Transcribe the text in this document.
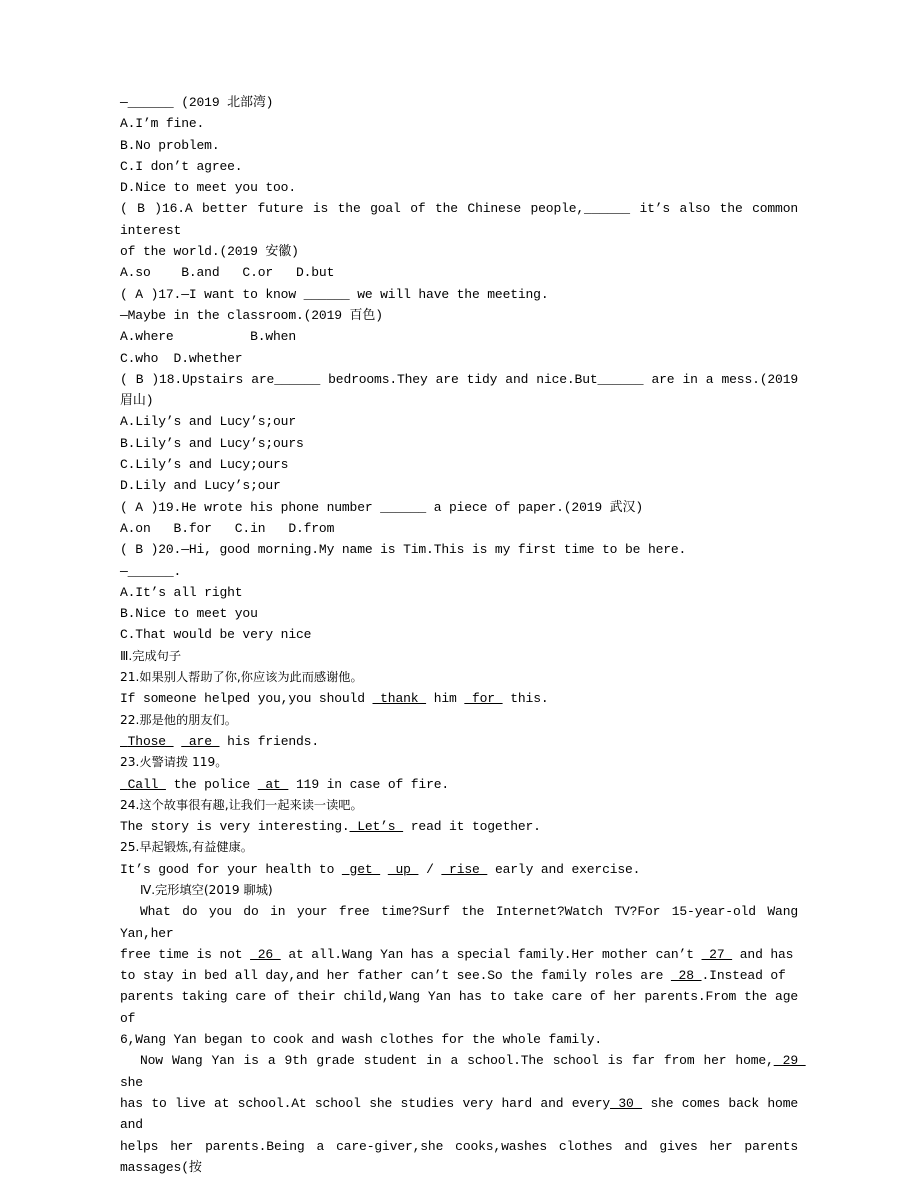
—______ (2019 北部湾)
A.I’m fine.
B.No problem.
C.I don’t agree.
D.Nice to meet you too.
( B )16.A better future is the goal of the Chinese people,______ it’s also the common interest
of the world.(2019 安徽)
A.so    B.and   C.or   D.but
( A )17.—I want to know ______ we will have the meeting.
—Maybe in the classroom.(2019 百色)
A.where          B.when
C.who  D.whether
( B )18.Upstairs are______ bedrooms.They are tidy and nice.But______ are in a mess.(2019 眉山)
A.Lily’s and Lucy’s;our
B.Lily’s and Lucy’s;ours
C.Lily’s and Lucy;ours
D.Lily and Lucy’s;our
( A )19.He wrote his phone number ______ a piece of paper.(2019 武汉)
A.on   B.for   C.in   D.from
( B )20.—Hi, good morning.My name is Tim.This is my first time to be here.
—______.
A.It’s all right
B.Nice to meet you
C.That would be very nice
Ⅲ.完成句子
21.如果别人帮助了你,你应该为此而感谢他。
If someone helped you,you should  thank  him  for  this.
22.那是他的朋友们。
Those   are  his friends.
23.火警请拨 119。
Call  the police  at  119 in case of fire.
24.这个故事很有趣,让我们一起来读一读吧。
The story is very interesting. Let’s  read it together.
25.早起锻炼,有益健康。
It’s good for your health to  get   up  /  rise  early and exercise.
Ⅳ.完形填空(2019 聊城)
What do you do in your free time?Surf the Internet?Watch TV?For 15-year-old Wang Yan,her
free time is not  26  at all.Wang Yan has a special family.Her mother can’t  27  and has
to stay in bed all day,and her father can’t see.So the family roles are  28 .Instead of
parents taking care of their child,Wang Yan has to take care of her parents.From the age of
6,Wang Yan began to cook and wash clothes for the whole family.
Now Wang Yan is a 9th grade student in a school.The school is far from her home, 29 she
has to live at school.At school she studies very hard and every 30  she comes back home and
helps her parents.Being a care-giver,she cooks,washes clothes and gives her parents massages(按
